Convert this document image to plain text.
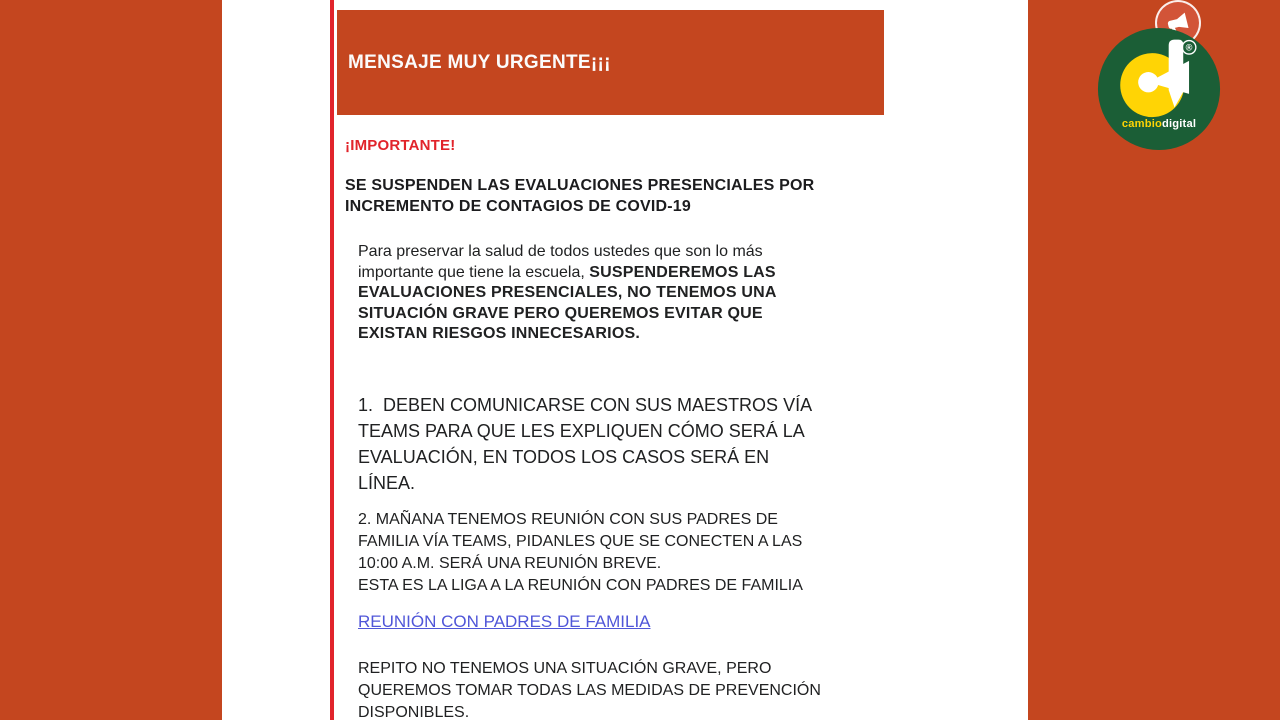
MENSAJE MUY URGENTE¡¡¡
¡IMPORTANTE!
SE SUSPENDEN LAS EVALUACIONES PRESENCIALES POR INCREMENTO DE CONTAGIOS DE COVID-19
Para preservar la salud de todos ustedes que son lo más importante que tiene la escuela, SUSPENDEREMOS LAS EVALUACIONES PRESENCIALES, NO TENEMOS UNA SITUACIÓN GRAVE PERO QUEREMOS EVITAR QUE EXISTAN RIESGOS INNECESARIOS.
1.  DEBEN COMUNICARSE CON SUS MAESTROS VÍA TEAMS PARA QUE LES EXPLIQUEN CÓMO SERÁ LA EVALUACIÓN, EN TODOS LOS CASOS SERÁ EN LÍNEA.
2. MAÑANA TENEMOS REUNIÓN CON SUS PADRES DE FAMILIA VÍA TEAMS, PIDANLES QUE SE CONECTEN A LAS 10:00 A.M. SERÁ UNA REUNIÓN BREVE.
ESTA ES LA LIGA A LA REUNIÓN CON PADRES DE FAMILIA
REUNIÓN CON PADRES DE FAMILIA
REPITO NO TENEMOS UNA SITUACIÓN GRAVE, PERO QUEREMOS TOMAR TODAS LAS MEDIDAS DE PREVENCIÓN DISPONIBLES.
®
cambiodigital
